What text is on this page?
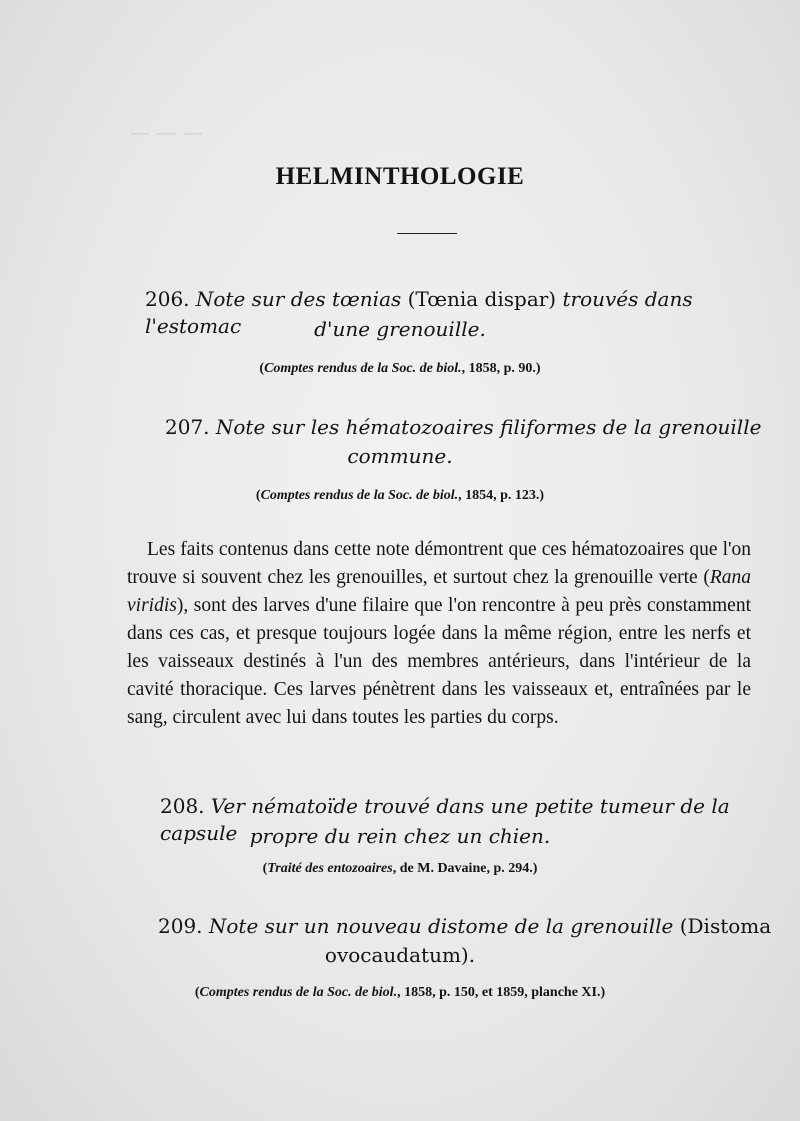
— — —
HELMINTHOLOGIE
206. Note sur des tœnias (Tœnia dispar) trouvés dans l'estomac	d'une grenouille.
(Comptes rendus de la Soc. de biol., 1858, p. 90.)
207. Note sur les hématozoaires filiformes de la grenouille
commune.
(Comptes rendus de la Soc. de biol., 1854, p. 123.)
Les faits contenus dans cette note démontrent que ces hématozoaires que l'on trouve si souvent chez les grenouilles, et surtout chez la grenouille verte (Rana viridis), sont des larves d'une filaire que l'on rencontre à peu près constamment dans ces cas, et presque toujours logée dans la même région, entre les nerfs et les vaisseaux destinés à l'un des membres antérieurs, dans l'intérieur de la cavité thoracique. Ces larves pénètrent dans les vaisseaux et, entraînées par le sang, circulent avec lui dans toutes les parties du corps.
208. Ver nématoïde trouvé dans une petite tumeur de la capsule propre du rein chez un chien.
(Traité des entozoaires, de M. Davaine, p. 294.)
209. Note sur un nouveau distome de la grenouille (Distoma
ovocaudatum).
(Comptes rendus de la Soc. de biol., 1858, p. 150, et 1859, planche XI.)
